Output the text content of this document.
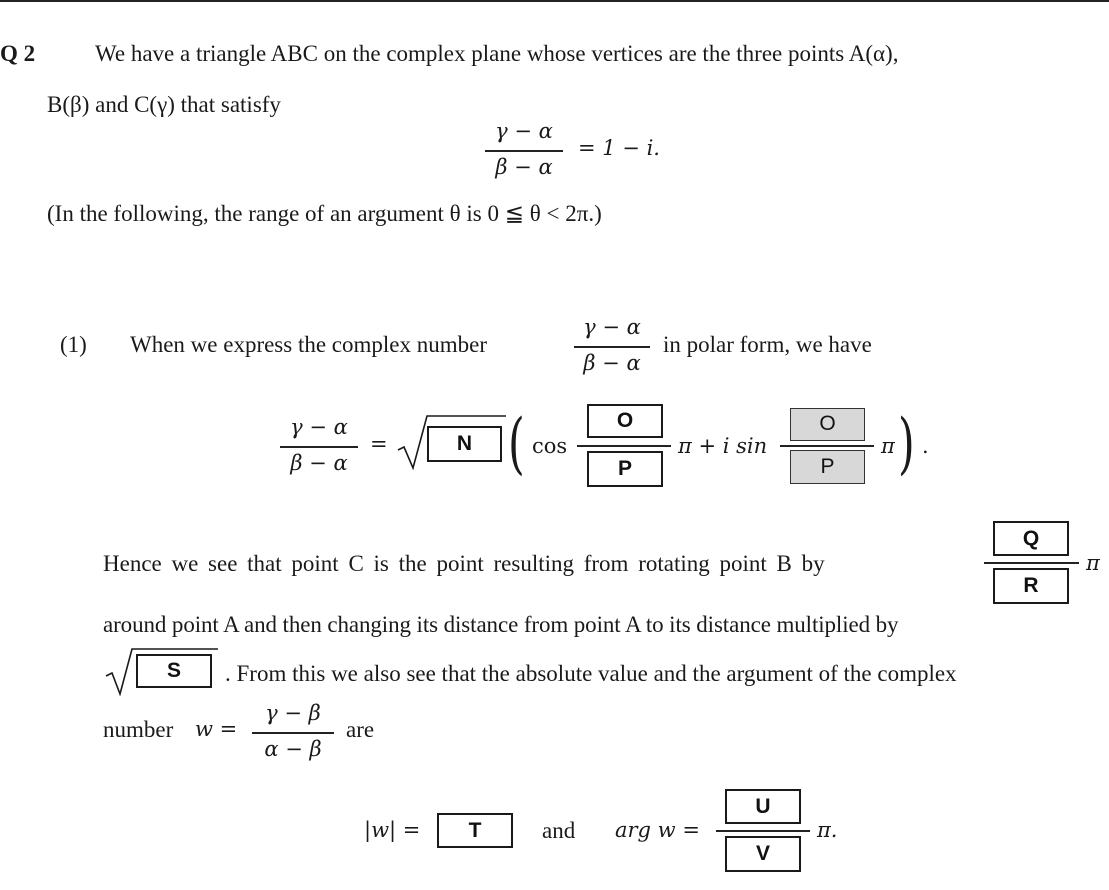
Q 2	We have a triangle ABC on the complex plane whose vertices are the three points A(α),
B(β) and C(γ) that satisfy
γ − α
β − α
= 1 − i.
(In the following, the range of an argument θ is 0 ≦ θ < 2π.)
(1) When we express the complex number
γ − α
β − α
in polar form, we have
γ − α
β − α
=	N ( cos
O
P
π + i sin
O
P
π ) .
Hence we see that point C is the point resulting from rotating point B by
Q
R
π
around point A and then changing its distance from point A to its distance multiplied by
S	. From this we also see that the absolute value and the argument of the complex
number w =
γ − β
α − β
are
|w| =	T	and arg w =
U
V
π.
